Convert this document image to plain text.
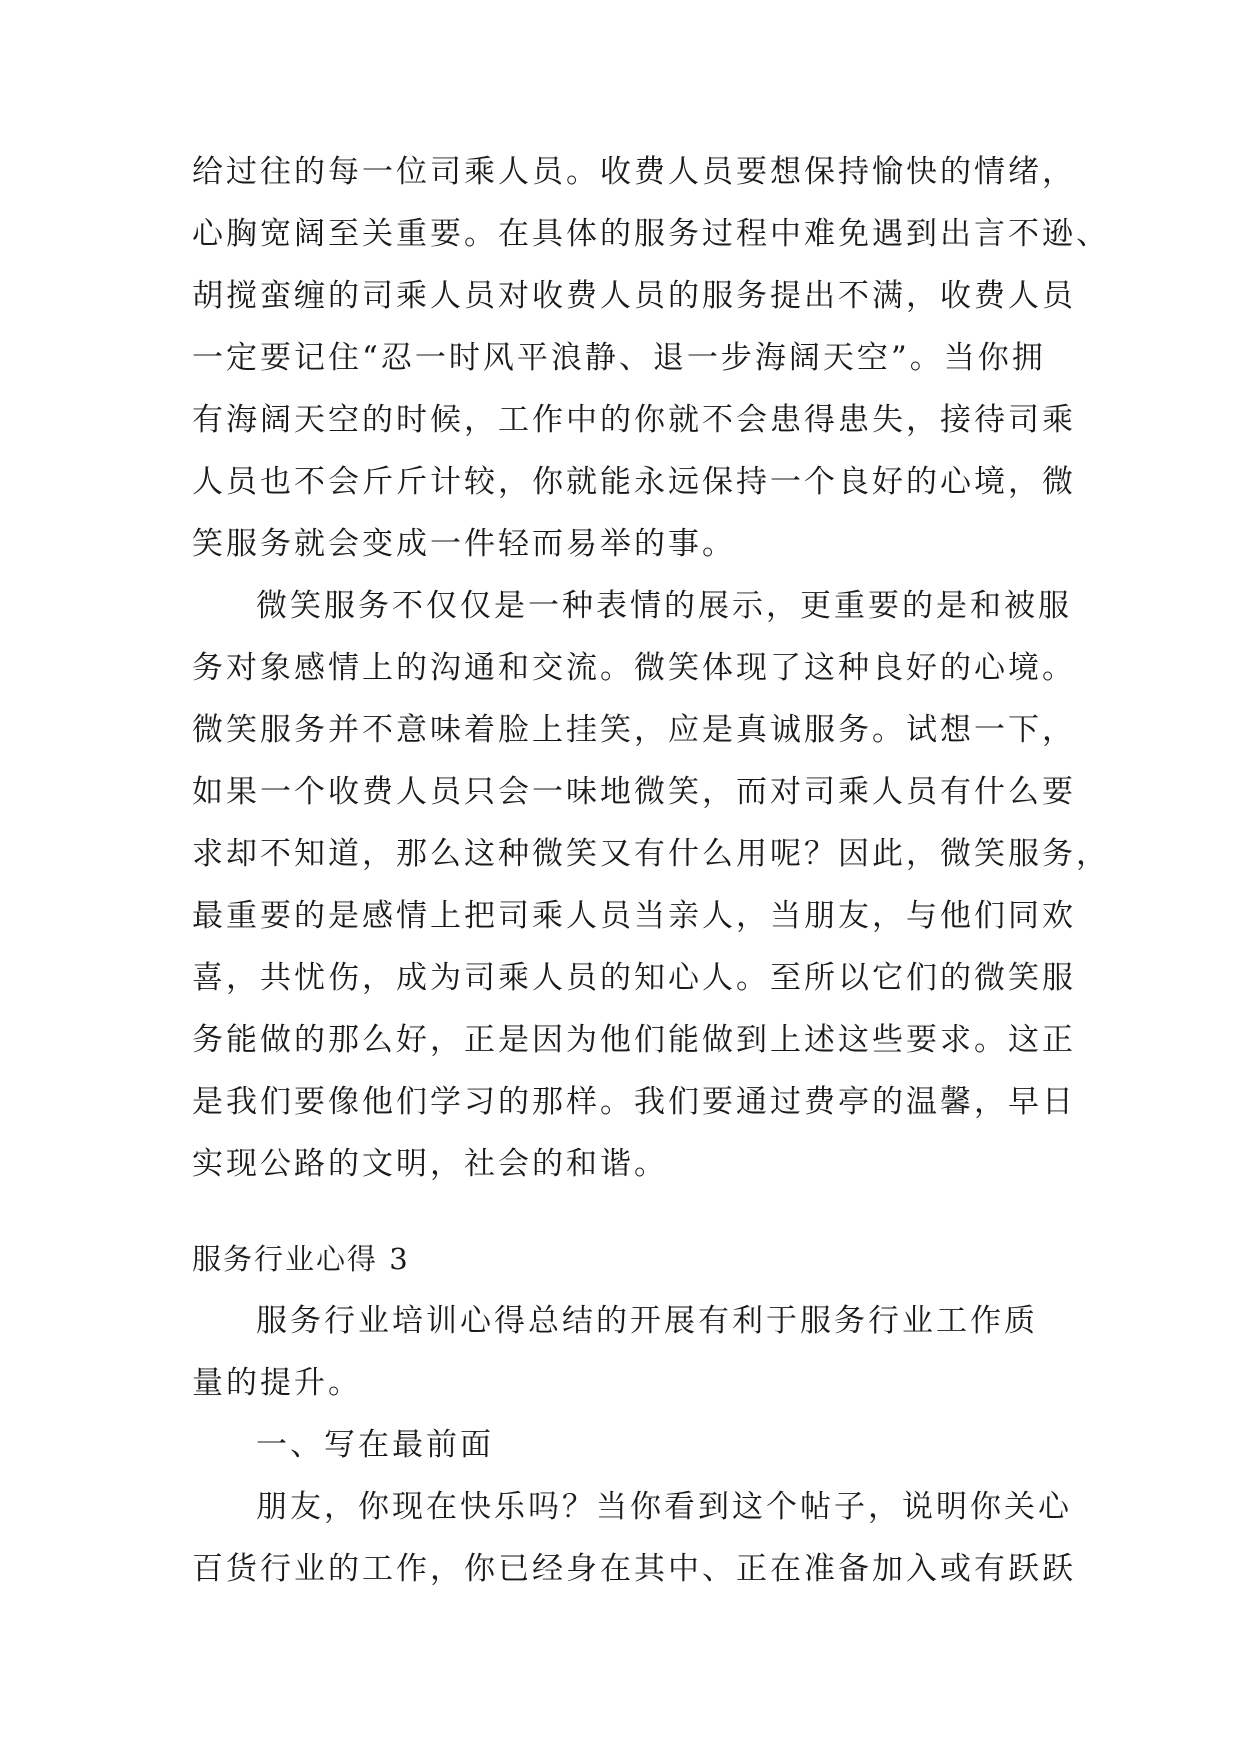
给过往的每一位司乘人员。收费人员要想保持愉快的情绪，
心胸宽阔至关重要。在具体的服务过程中难免遇到出言不逊、
胡搅蛮缠的司乘人员对收费人员的服务提出不满，收费人员
一定要记住“忍一时风平浪静、退一步海阔天空”。当你拥
有海阔天空的时候，工作中的你就不会患得患失，接待司乘
人员也不会斤斤计较，你就能永远保持一个良好的心境，微
笑服务就会变成一件轻而易举的事。
微笑服务不仅仅是一种表情的展示，更重要的是和被服
务对象感情上的沟通和交流。微笑体现了这种良好的心境。
微笑服务并不意味着脸上挂笑，应是真诚服务。试想一下，
如果一个收费人员只会一味地微笑，而对司乘人员有什么要
求却不知道，那么这种微笑又有什么用呢？因此，微笑服务，
最重要的是感情上把司乘人员当亲人，当朋友，与他们同欢
喜，共忧伤，成为司乘人员的知心人。至所以它们的微笑服
务能做的那么好，正是因为他们能做到上述这些要求。这正
是我们要像他们学习的那样。我们要通过费亭的温馨，早日
实现公路的文明，社会的和谐。
服务行业心得 3
服务行业培训心得总结的开展有利于服务行业工作质
量的提升。
一、写在最前面
朋友，你现在快乐吗？当你看到这个帖子，说明你关心
百货行业的工作，你已经身在其中、正在准备加入或有跃跃
